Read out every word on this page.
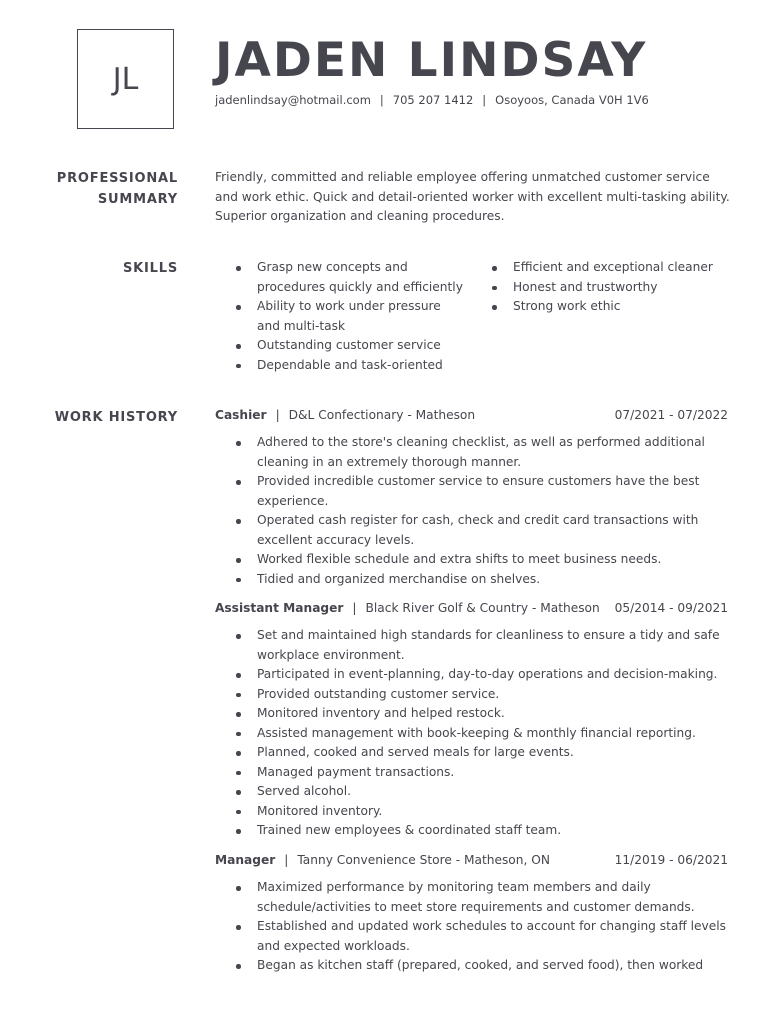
JL JADEN LINDSAY
jadenlindsay@hotmail.com | 705 207 1412 | Osoyoos, Canada V0H 1V6
PROFESSIONAL
SUMMARY
Friendly, committed and reliable employee offering unmatched customer service and work ethic. Quick and detail-oriented worker with excellent multi-tasking ability. Superior organization and cleaning procedures.
SKILLS	Grasp new concepts and procedures quickly and efficiently
Ability to work under pressure and multi-task
Outstanding customer service
Dependable and task-oriented
Efficient and exceptional cleaner
Honest and trustworthy
Strong work ethic
WORK HISTORY	Cashier | D&L Confectionary - Matheson	07/2021 - 07/2022
Adhered to the store's cleaning checklist, as well as performed additional cleaning in an extremely thorough manner.
Provided incredible customer service to ensure customers have the best experience.
Operated cash register for cash, check and credit card transactions with excellent accuracy levels.
Worked flexible schedule and extra shifts to meet business needs.
Tidied and organized merchandise on shelves.
Assistant Manager | Black River Golf & Country - Matheson 05/2014 - 09/2021
Set and maintained high standards for cleanliness to ensure a tidy and safe workplace environment.
Participated in event-planning, day-to-day operations and decision-making.
Provided outstanding customer service.
Monitored inventory and helped restock.
Assisted management with book-keeping & monthly financial reporting.
Planned, cooked and served meals for large events.
Managed payment transactions.
Served alcohol.
Monitored inventory.
Trained new employees & coordinated staff team.
Manager | Tanny Convenience Store - Matheson, ON	11/2019 - 06/2021
Maximized performance by monitoring team members and daily schedule/activities to meet store requirements and customer demands.
Established and updated work schedules to account for changing staff levels and expected workloads.
Began as kitchen staff (prepared, cooked, and served food), then worked
